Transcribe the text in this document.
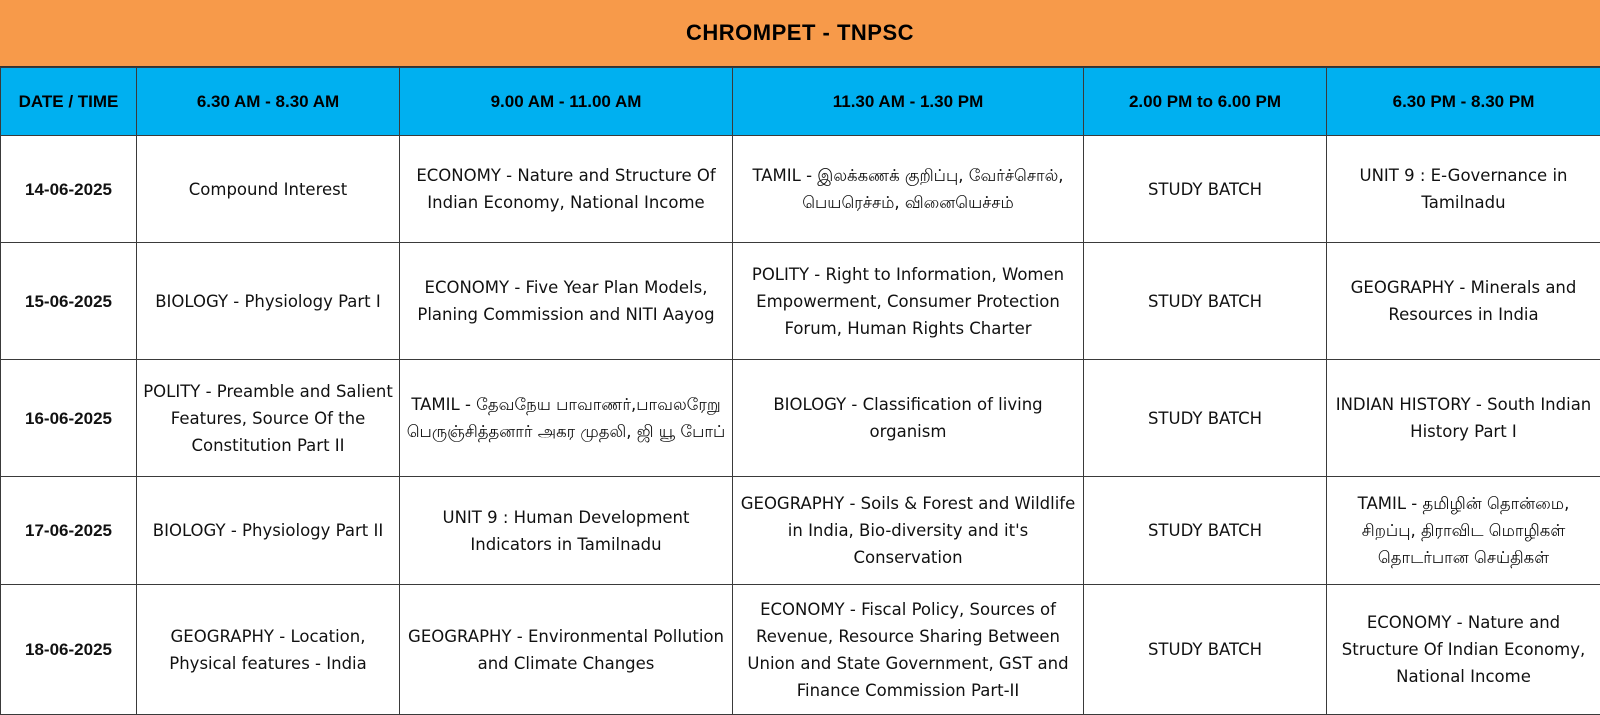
CHROMPET - TNPSC
DATE / TIME	6.30 AM - 8.30 AM	9.00 AM - 11.00 AM	11.30 AM - 1.30 PM	2.00 PM to 6.00 PM	6.30 PM - 8.30 PM
14-06-2025	Compound Interest	ECONOMY - Nature and Structure Of Indian Economy, National Income	TAMIL - இலக்கணக் குறிப்பு, வேர்ச்சொல், பெயரெச்சம், வினையெச்சம்	STUDY BATCH	UNIT 9 : E-Governance in Tamilnadu
15-06-2025	BIOLOGY - Physiology Part I	ECONOMY - Five Year Plan Models, Planing Commission and NITI Aayog	POLITY - Right to Information, Women Empowerment, Consumer Protection Forum, Human Rights Charter	STUDY BATCH	GEOGRAPHY - Minerals and Resources in India
16-06-2025	POLITY - Preamble and Salient Features, Source Of the Constitution Part II	TAMIL - தேவநேய பாவாணர்,பாவலரேறு பெருஞ்சித்தனார் அகர முதலி, ஜி யூ போப்	BIOLOGY - Classification of living organism	STUDY BATCH	INDIAN HISTORY - South Indian History Part I
17-06-2025	BIOLOGY - Physiology Part II	UNIT 9 : Human Development Indicators in Tamilnadu	GEOGRAPHY - Soils & Forest and Wildlife in India, Bio-diversity and it's Conservation	STUDY BATCH	TAMIL - தமிழின் தொன்மை, சிறப்பு, திராவிட மொழிகள் தொடர்பான செய்திகள்
18-06-2025	GEOGRAPHY - Location, Physical features - India	GEOGRAPHY - Environmental Pollution and Climate Changes	ECONOMY - Fiscal Policy, Sources of Revenue, Resource Sharing Between Union and State Government, GST and Finance Commission Part-II	STUDY BATCH	ECONOMY - Nature and Structure Of Indian Economy, National Income
